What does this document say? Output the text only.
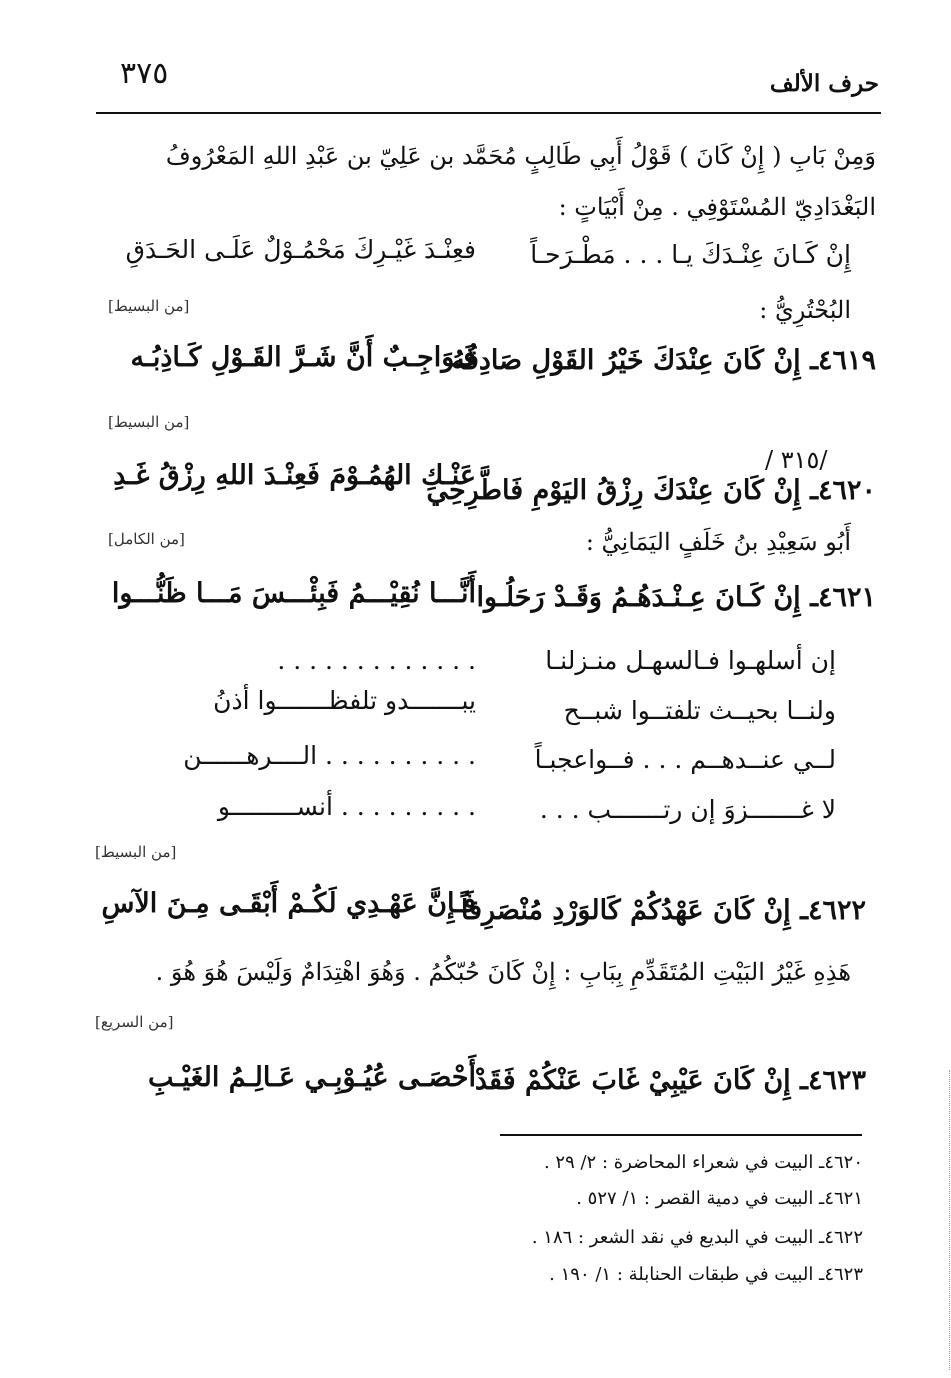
حرف الألف
٣٧٥
وَمِنْ بَابِ ( إِنْ كَانَ ) قَوْلُ أَبِي طَالِبٍ مُحَمَّد بن عَلِيّ بن عَبْدِ اللهِ المَعْرُوفُ
البَغْدَادِيّ المُسْتَوْفِي . مِنْ أَبْيَاتٍ :
إِنْ كَـانَ عِنْـدَكَ يـا . . . مَطْـرَحـاً
فعِنْـدَ غَيْـرِكَ مَحْمُـوْلٌ عَلَـى الحَـدَقِ
[من البسيط]	البُحْتُرِيُّ :
٤٦١٩ـ إِنْ كَانَ عِنْدَكَ خَيْرُ القَوْلِ صَادِقُهُ
فَـوَاجِـبٌ أَنَّ شَـرَّ القَـوْلِ كَـاذِبُـه
[من البسيط]
/ ٣١٥/
٤٦٢٠ـ إِنْ كَانَ عِنْدَكَ رِزْقُ اليَوْمِ فَاطَّرِحِي
عَنْـكِ الهُمُـوْمَ فَعِنْـدَ اللهِ رِزْقُ غَـدِ
[من الكامل]	أَبُو سَعِيْدِ بنُ خَلَفٍ اليَمَانِيُّ :
٤٦٢١ـ إِنْ كَـانَ عِـنْـدَهُـمُ وَقَـدْ رَحَلُـوا
أَنَّـــا نُقِيْـــمُ فَبِئْـــسَ مَـــا ظَنُّـــوا
إن أسلهـوا فـالسهـل منـزلنـا
. . . . . . . . . . . . .
ولنــا بحيــث تلفتــوا شبــح
يبـــــــدو تلفظـــــــوا أذنُ
لــي عنــدهــم . . . فــواعجبـاً
. . . . . . . . . . الــــرهــــــن
لا غـــــــزوَ إن رتـــــــب . . .
. . . . . . . . . أنســـــــــو
[من البسيط]
٤٦٢٢ـ إِنْ كَانَ عَهْدُكُمْ كَالوَرْدِ مُنْصَرِفاً
فَـإِنَّ عَهْـدِي لَكُـمْ أَبْقَـى مِـنَ الآسِ
هَذِهِ غَيْرُ البَيْتِ المُتَقَدِّمِ بِبَابِ : إِنْ كَانَ حُبّكُمُ . وَهُوَ اهْتِدَامٌ وَلَيْسَ هُوَ هُوَ .
[من السريع]
٤٦٢٣ـ إِنْ كَانَ عَيْبِيْ غَابَ عَنْكُمْ فَقَدْ
أَحْصَـى عُيُـوْبِـي عَـالِـمُ الغَيْـبِ
٤٦٢٠ـ البيت في شعراء المحاضرة : ٢/ ٢٩ .
٤٦٢١ـ البيت في دمية القصر : ١/ ٥٢٧ .
٤٦٢٢ـ البيت في البديع في نقد الشعر : ١٨٦ .
٤٦٢٣ـ البيت في طبقات الحنابلة : ١/ ١٩٠ .
